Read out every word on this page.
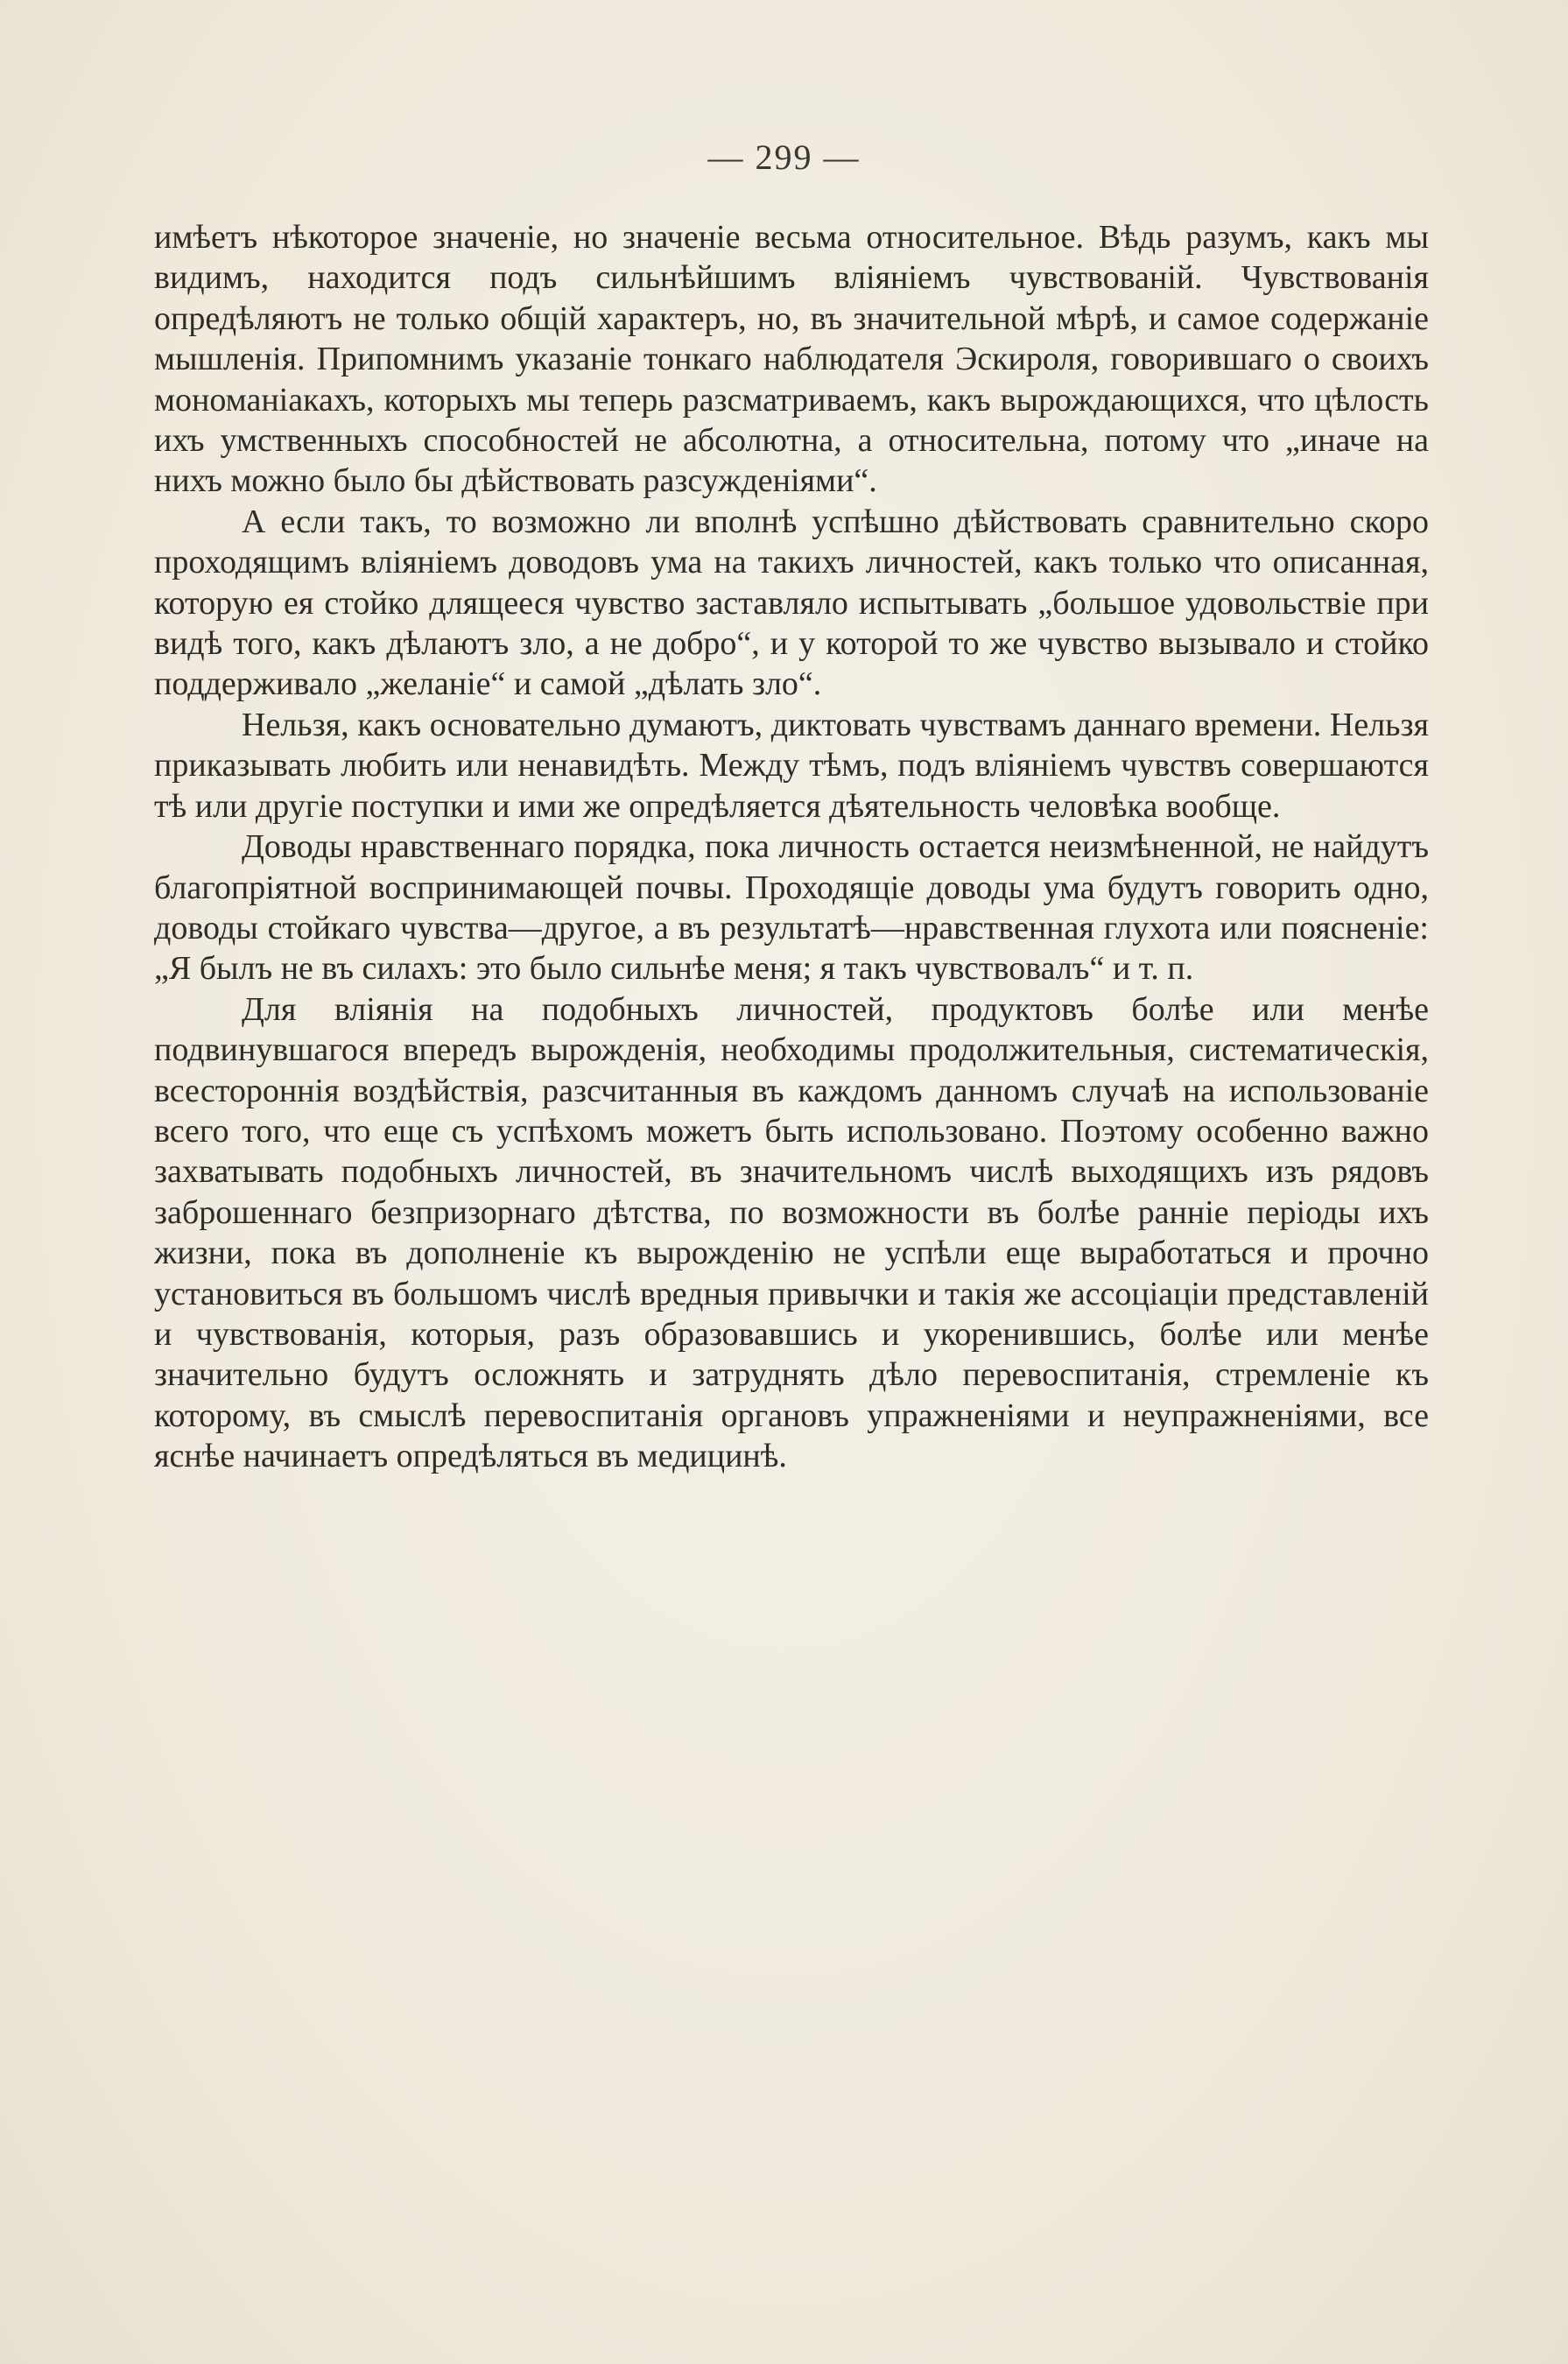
— 299 —

имѣетъ нѣкоторое значеніе, но значеніе весьма относительное. Вѣдь разумъ, какъ мы видимъ, находится подъ сильнѣйшимъ вліяніемъ чувствованій. Чувствованія опредѣляютъ не только общій характеръ, но, въ значительной мѣрѣ, и самое содержаніе мышленія. Припомнимъ указаніе тонкаго наблюдателя Эскироля, говорившаго о своихъ мономаніакахъ, которыхъ мы теперь разсматриваемъ, какъ вырождающихся, что цѣлость ихъ умственныхъ способностей не абсолютна, а относительна, потому что „иначе на нихъ можно было бы дѣйствовать разсужденіями“.

А если такъ, то возможно ли вполнѣ успѣшно дѣйствовать сравнительно скоро проходящимъ вліяніемъ доводовъ ума на такихъ личностей, какъ только что описанная, которую ея стойко длящееся чувство заставляло испытывать „большое удовольствіе при видѣ того, какъ дѣлаютъ зло, а не добро“, и у которой то же чувство вызывало и стойко поддерживало „желаніе“ и самой „дѣлать зло“.

Нельзя, какъ основательно думаютъ, диктовать чувствамъ даннаго времени. Нельзя приказывать любить или ненавидѣть. Между тѣмъ, подъ вліяніемъ чувствъ совершаются тѣ или другіе поступки и ими же опредѣляется дѣятельность человѣка вообще.

Доводы нравственнаго порядка, пока личность остается неизмѣненной, не найдутъ благопріятной воспринимающей почвы. Проходящіе доводы ума будутъ говорить одно, доводы стойкаго чувства—другое, а въ результатѣ—нравственная глухота или поясненіе: „Я былъ не въ силахъ: это было сильнѣе меня; я такъ чувствовалъ“ и т. п.

Для вліянія на подобныхъ личностей, продуктовъ болѣе или менѣе подвинувшагося впередъ вырожденія, необходимы продолжительныя, систематическія, всестороннія воздѣйствія, разсчитанныя въ каждомъ данномъ случаѣ на использованіе всего того, что еще съ успѣхомъ можетъ быть использовано. Поэтому особенно важно захватывать подобныхъ личностей, въ значительномъ числѣ выходящихъ изъ рядовъ заброшеннаго безпризорнаго дѣтства, по возможности въ болѣе ранніе періоды ихъ жизни, пока въ дополненіе къ вырожденію не успѣли еще выработаться и прочно установиться въ большомъ числѣ вредныя привычки и такія же ассоціаціи представленій и чувствованія, которыя, разъ образовавшись и укоренившись, болѣе или менѣе значительно будутъ осложнять и затруднять дѣло перевоспитанія, стремленіе къ которому, въ смыслѣ перевоспитанія органовъ упражненіями и неупражненіями, все яснѣе начинаетъ опредѣляться въ медицинѣ.
